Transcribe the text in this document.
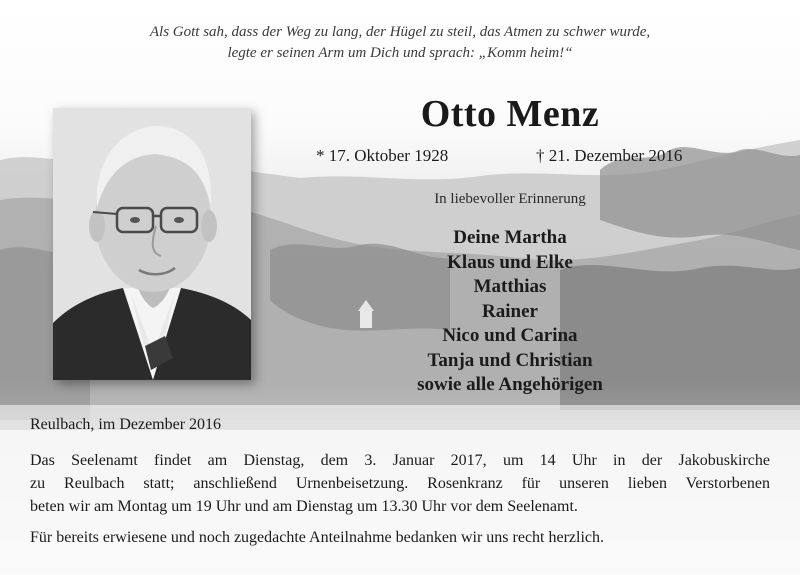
Als Gott sah, dass der Weg zu lang, der Hügel zu steil, das Atmen zu schwer wurde,
legte er seinen Arm um Dich und sprach: „Komm heim!“
Otto Menz
* 17. Oktober 1928	† 21. Dezember 2016
In liebevoller Erinnerung
Deine Martha
Klaus und Elke
Matthias
Rainer
Nico und Carina
Tanja und Christian
sowie alle Angehörigen
Reulbach, im Dezember 2016
Das Seelenamt findet am Dienstag, dem 3. Januar 2017, um 14 Uhr in der Jakobuskirche
zu Reulbach statt; anschließend Urnenbeisetzung. Rosenkranz für unseren lieben Verstorbenen
beten wir am Montag um 19 Uhr und am Dienstag um 13.30 Uhr vor dem Seelenamt.
Für bereits erwiesene und noch zugedachte Anteilnahme bedanken wir uns recht herzlich.
